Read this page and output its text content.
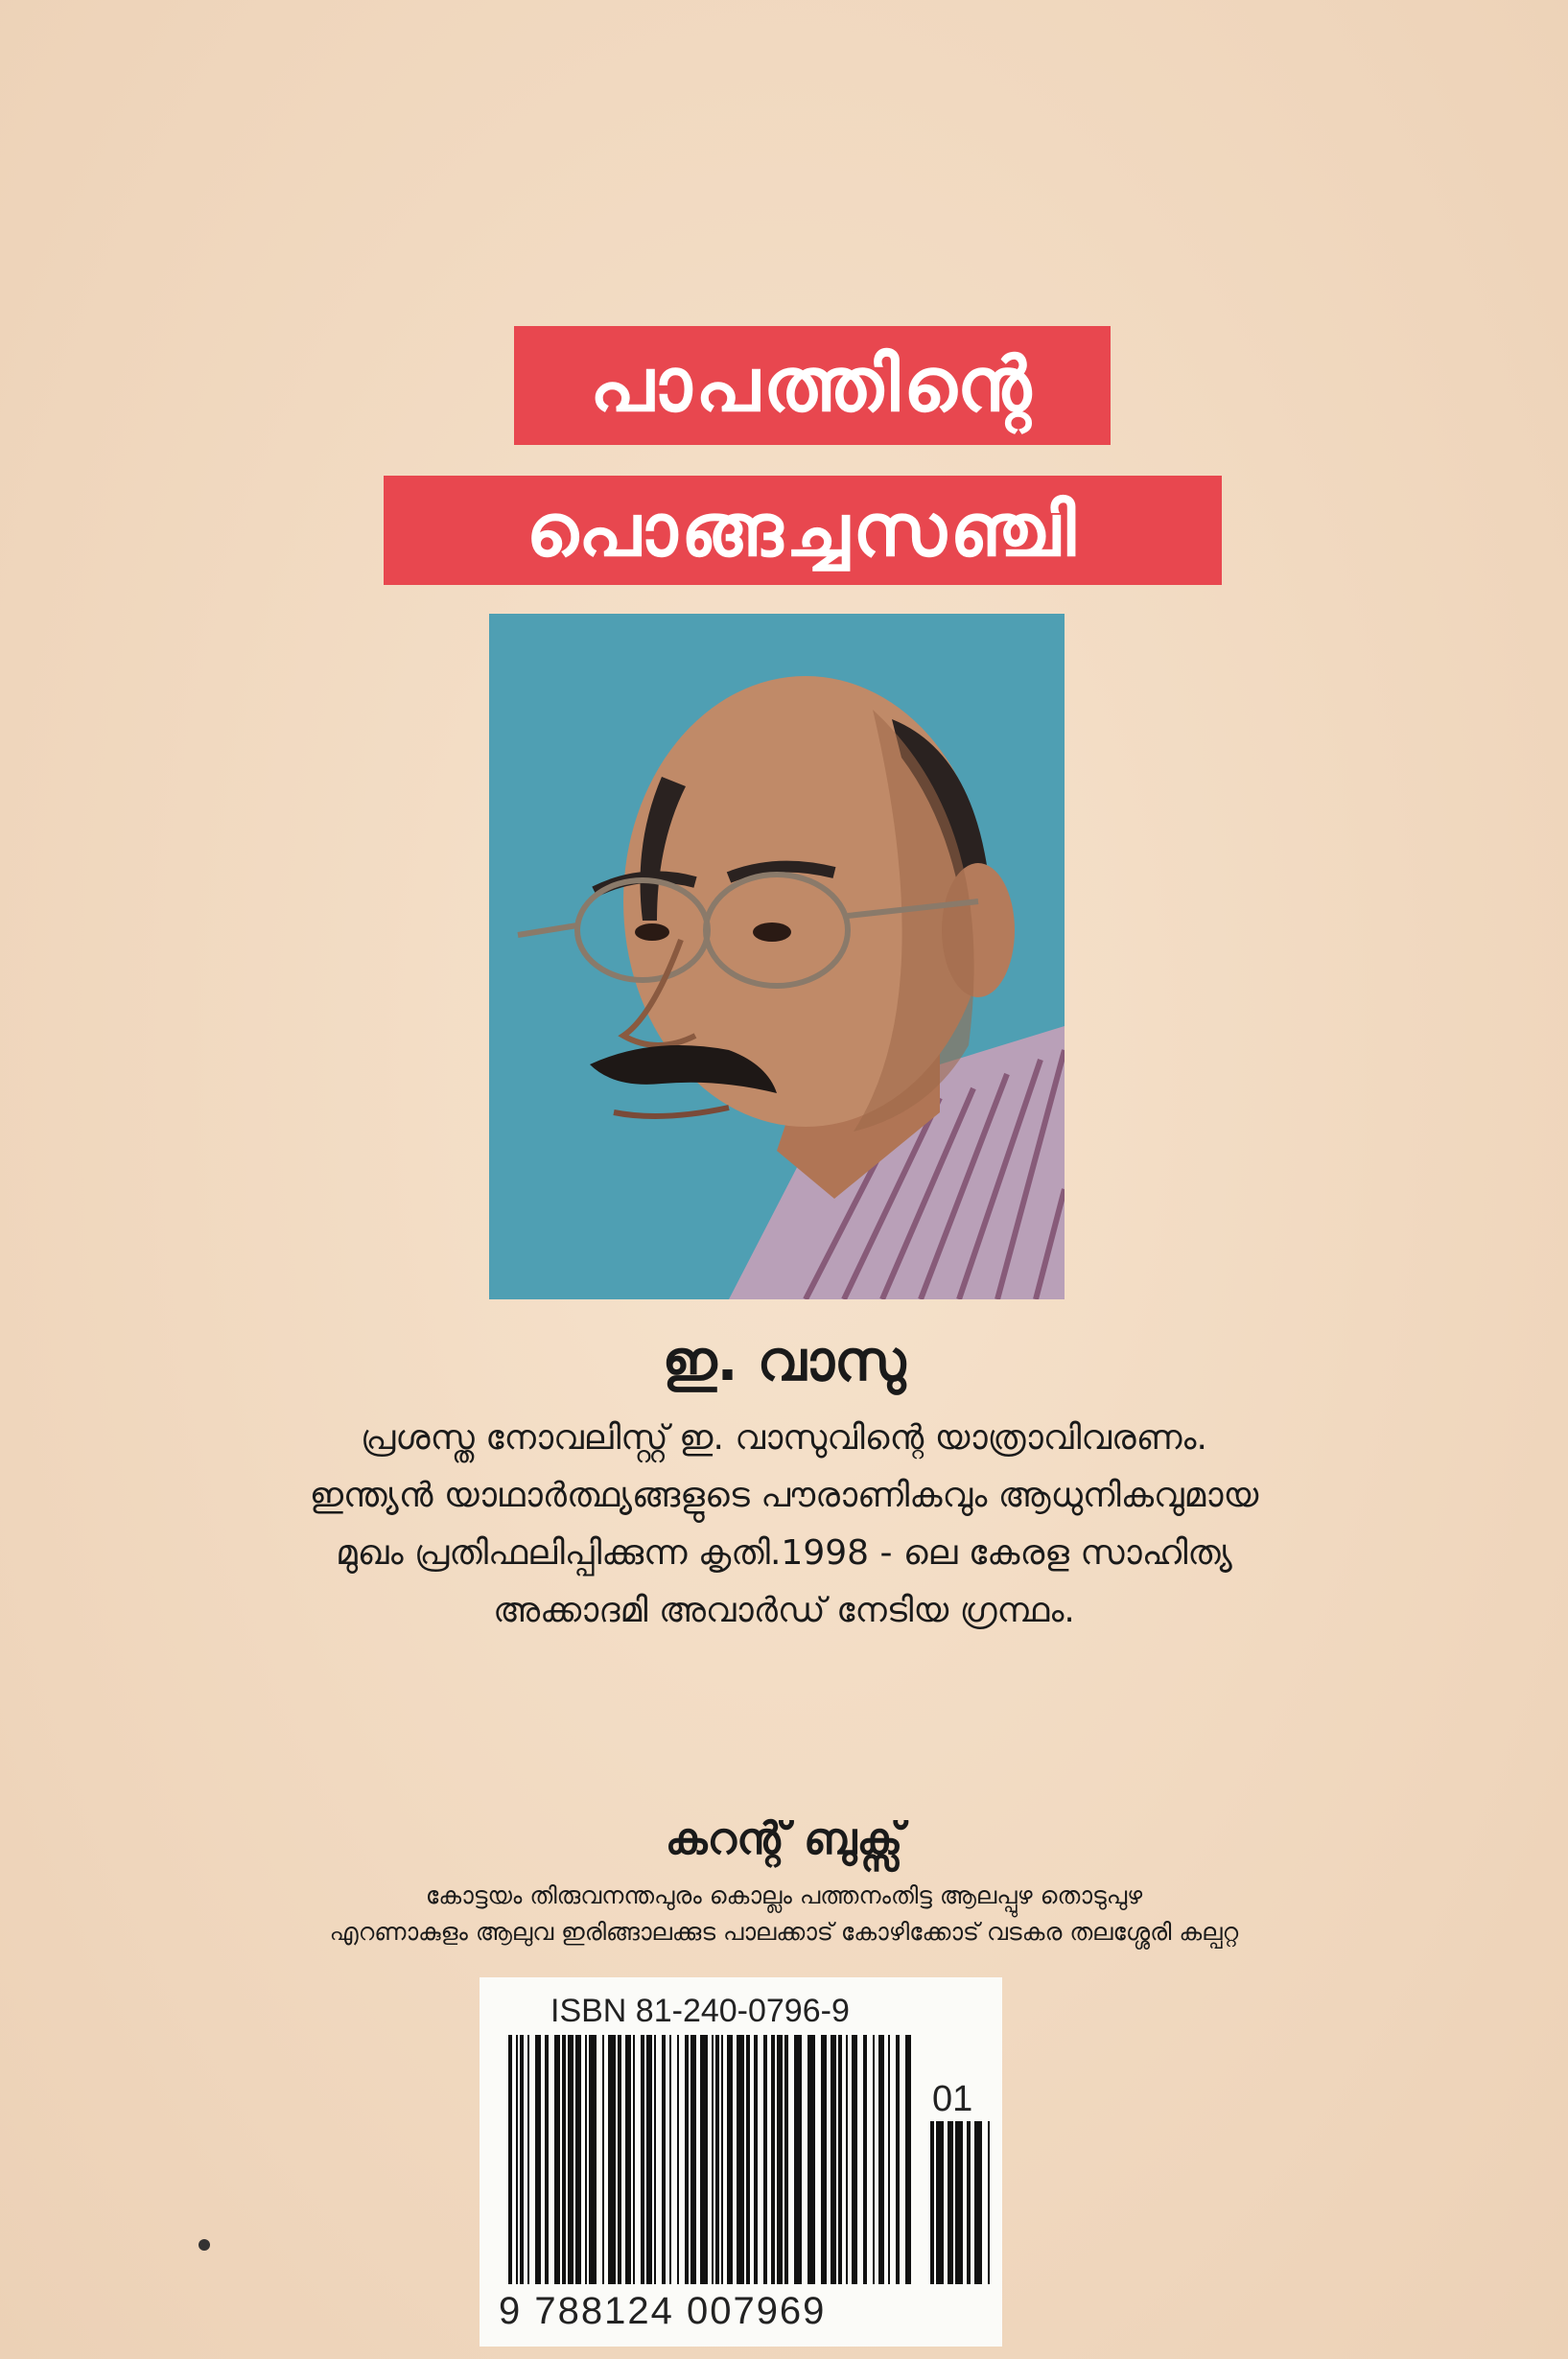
പാപത്തിന്റെ
പൊങ്ങച്ചസഞ്ചി
ഇ. വാസു
പ്രശസ്ത നോവലിസ്റ്റ് ഇ. വാസുവിന്റെ യാത്രാവിവരണം.
ഇന്ത്യൻ യാഥാർത്ഥ്യങ്ങളുടെ പൗരാണികവും ആധുനികവുമായ
മുഖം പ്രതിഫലിപ്പിക്കുന്ന കൃതി.1998 - ലെ കേരള സാഹിത്യ
അക്കാദമി അവാർഡ് നേടിയ ഗ്രന്ഥം.
കറന്റ് ബുക്സ്
കോട്ടയം തിരുവനന്തപുരം കൊല്ലം പത്തനംതിട്ട ആലപ്പുഴ തൊടുപുഴ
എറണാകുളം ആലുവ ഇരിങ്ങാലക്കുട പാലക്കാട് കോഴിക്കോട് വടകര തലശ്ശേരി കല്പറ്റ
ISBN 81-240-0796-9
01
9 788124 007969
